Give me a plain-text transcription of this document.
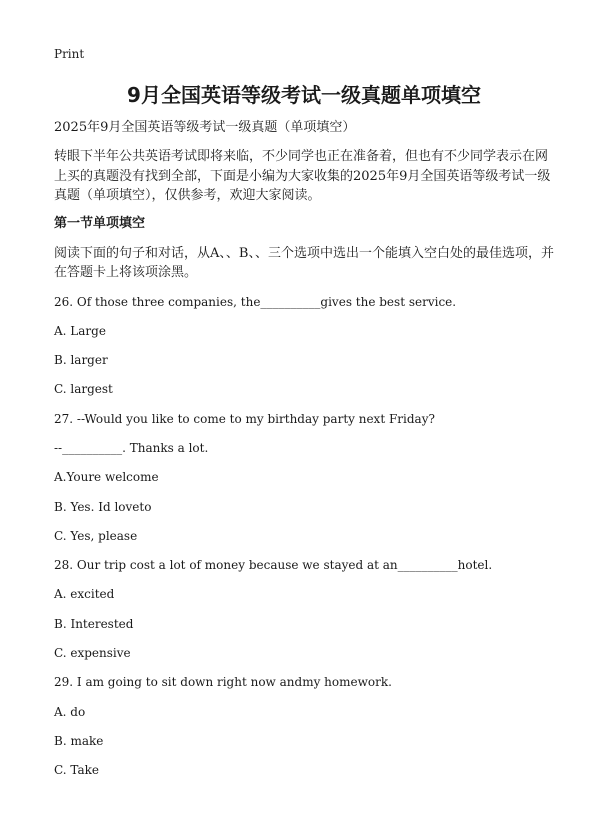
Print
9月全国英语等级考试一级真题单项填空
2025年9月全国英语等级考试一级真题（单项填空）
转眼下半年公共英语考试即将来临，不少同学也正在准备着，但也有不少同学表示在网上买的真题没有找到全部，下面是小编为大家收集的2025年9月全国英语等级考试一级真题（单项填空），仅供参考，欢迎大家阅读。
第一节单项填空
阅读下面的句子和对话，从A、、B、、三个选项中选出一个能填入空白处的最佳选项，并在答题卡上将该项涂黑。

26. Of those three companies, the__________gives the best service.

A. Large

B. larger

C. largest

27. --Would you like to come to my birthday party next Friday?

--__________. Thanks a lot.

A.Youre welcome

B. Yes. Id loveto

C. Yes, please

28. Our trip cost a lot of money because we stayed at an__________hotel.

A. excited

B. Interested

C. expensive

29. I am going to sit down right now andmy homework.

A. do

B. make

C. Take
